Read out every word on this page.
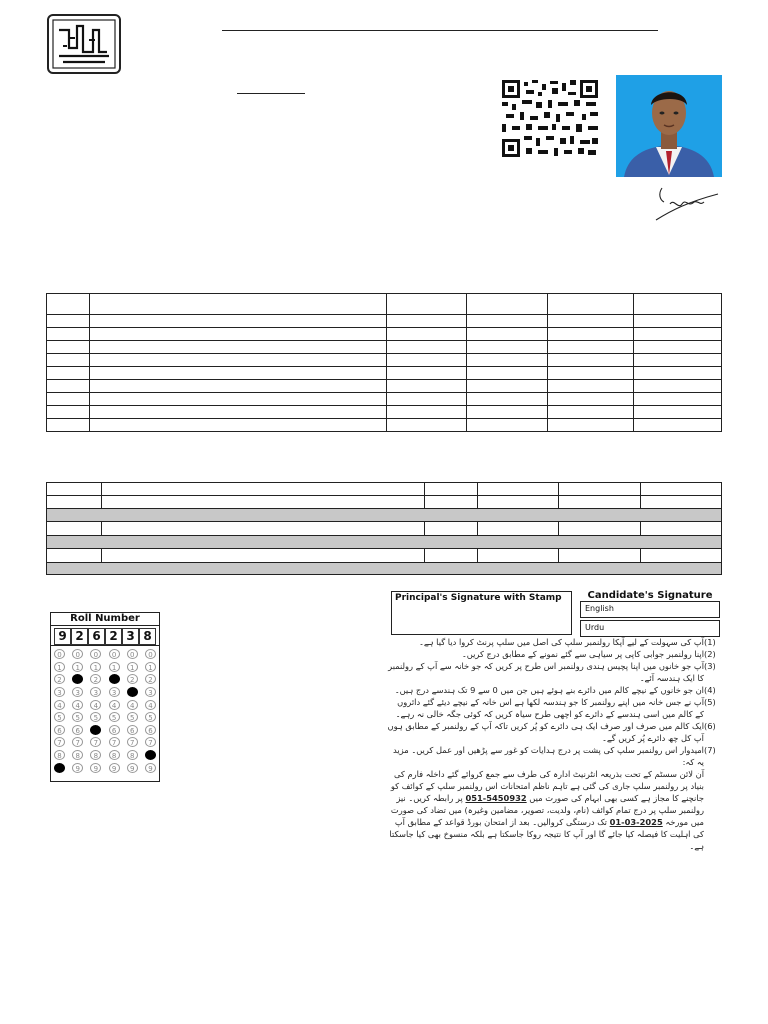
Roll Number
9 2 6 2 3 8
0	0	0	0	0	0
1	1	1	1	1	1
2	2	2	2	2	2
3	3	3	3	3	3
4	4	4	4	4	4
5	5	5	5	5	5
6	6	6	6	6	6
7	7	7	7	7	7
8	8	8	8	8	8
9	9	9	9	9	9
Principal's Signature with Stamp	Candidate's Signature
English
Urdu
(1)
آپ کی سہولت کے لیے آپکا رولنمبر سلپ کی اصل میں سلپ پرنٹ کروا دیا گیا ہے۔
(2)
اپنا رولنمبر جوابی کاپی پر سیاہی سے گئے نمونے کے مطابق درج کریں۔
(3)
آپ جو خانوں میں اپنا پچیس ہندی رولنمبر اس طرح پر کریں کہ جو خانہ سے آپ کے رولنمبر کا ایک ہندسہ آئے۔
(4)
ان جو خانوں کے نیچے کالم میں دائرے بنے ہوئے ہیں جن میں 0 سے 9 تک ہندسے درج ہیں۔
(5)
آپ نے جس خانہ میں اپنے رولنمبر کا جو ہندسہ لکھا ہے اس خانہ کے نیچے دیئے گئے دائروں کے کالم میں اسی ہندسے کے دائرے کو اچھی طرح سیاہ کریں کہ کوئی جگہ خالی نہ رہے۔
(6)
ایک کالم میں صرف اور صرف ایک ہی دائرے کو پُر کریں تاکہ آپ کے رولنمبر کے مطابق ہوں آپ کل چھ دائرے پُر کریں گے۔
(7)
امیدوار اس رولنمبر سلپ کی پشت پر درج ہدایات کو غور سے پڑھیں اور عمل کریں۔ مزید یہ کہ:
آن لائن سسٹم کے تحت بذریعہ انٹرنیٹ ادارہ کی طرف سے جمع کروائے گئے داخلہ فارم کی بنیاد پر رولنمبر سلپ جاری کی گئی ہے تاہم ناظم امتحانات اس رولنمبر سلپ کے کوائف کو جانچنے کا مجاز ہے کسی بھی ابہام کی صورت میں 051-5450932 پر رابطہ کریں۔ نیز رولنمبر سلپ پر درج تمام کوائف (نام، ولدیت، تصویر، مضامین وغیرہ) میں تضاد کی صورت میں مورخہ 01-03-2025 تک درستگی کروالیں۔ بعد از امتحان بورڈ قواعد کے مطابق آپ کی اہلیت کا فیصلہ کیا جائے گا اور آپ کا نتیجہ روکا جاسکتا ہے بلکہ منسوخ بھی کیا جاسکتا ہے۔
